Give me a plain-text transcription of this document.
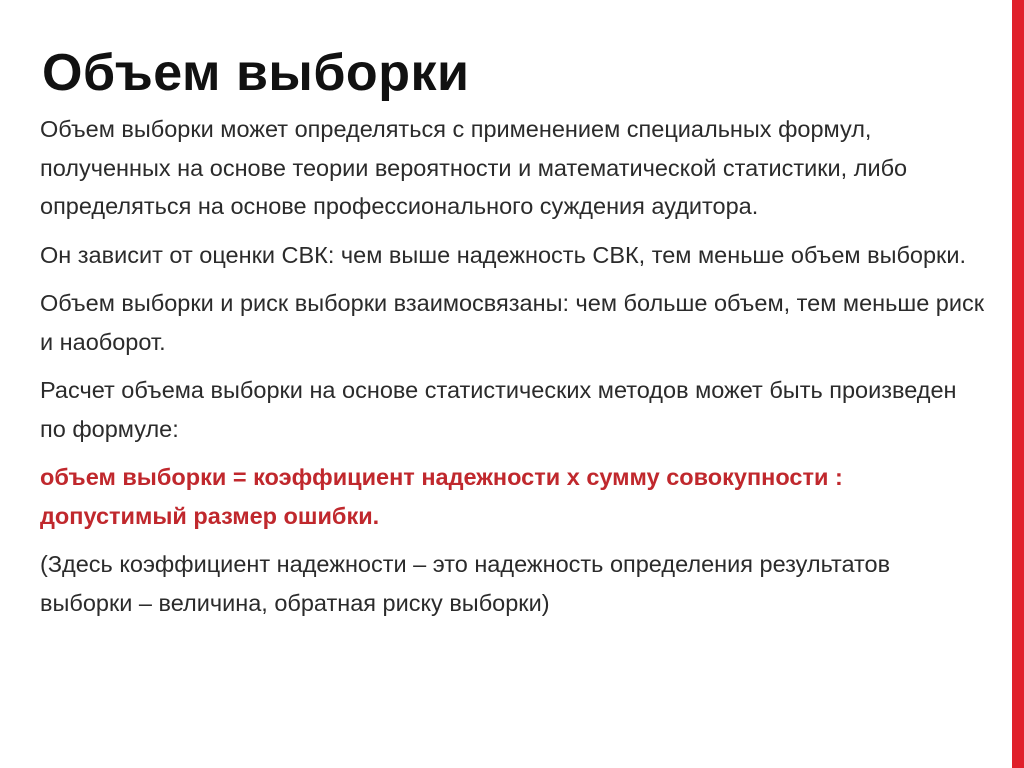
Объем выборки

Объем выборки может определяться с применением специальных формул, полученных на основе теории вероятности и математической статистики, либо определяться на основе профессионального суждения аудитора.

Он зависит от оценки СВК: чем выше надежность СВК, тем меньше объем выборки.

Объем выборки и риск выборки взаимосвязаны: чем больше объем, тем меньше риск и наоборот.

Расчет объема выборки на основе статистических методов может быть произведен по формуле:

объем выборки = коэффициент надежности х сумму совокупности : допустимый размер ошибки.

(Здесь коэффициент надежности – это надежность определения результатов выборки – величина, обратная риску выборки)
